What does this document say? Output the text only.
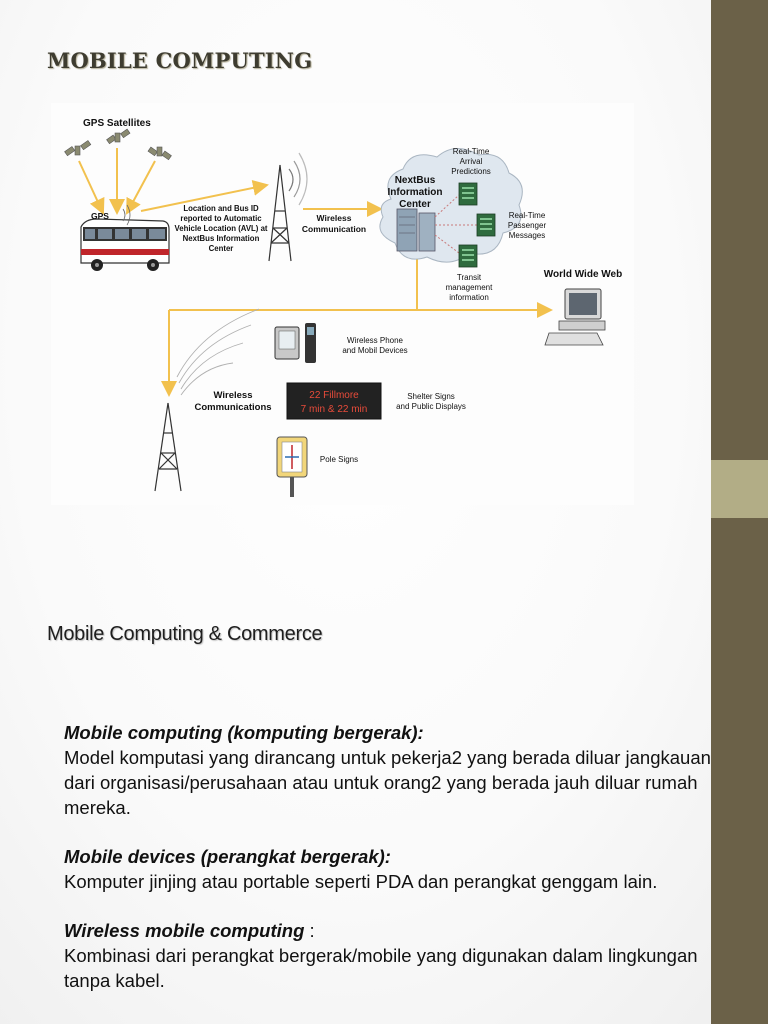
MOBILE COMPUTING
22 Fillmore
7 min & 22 min
GPS Satellites
GPS
Location and Bus ID
reported to Automatic
Vehicle Location (AVL) at
NextBus Information
Center
Wireless
Communication
NextBus
Information
Center
Real-Time
Arrival
Predictions
Real-Time
Passenger
Messages
Transit
management
information
World Wide Web
Wireless Phone
and Mobil Devices
Wireless
Communications
Shelter Signs
and Public Displays
Pole Signs
Mobile Computing & Commerce

Mobile computing (komputing bergerak):
Model komputasi yang dirancang untuk pekerja2 yang berada diluar jangkauan dari organisasi/perusahaan atau untuk orang2 yang berada jauh diluar rumah mereka.

Mobile devices (perangkat bergerak):
Komputer jinjing atau portable seperti PDA dan perangkat genggam lain.

Wireless mobile computing :
Kombinasi dari perangkat bergerak/mobile yang digunakan dalam lingkungan tanpa kabel.
